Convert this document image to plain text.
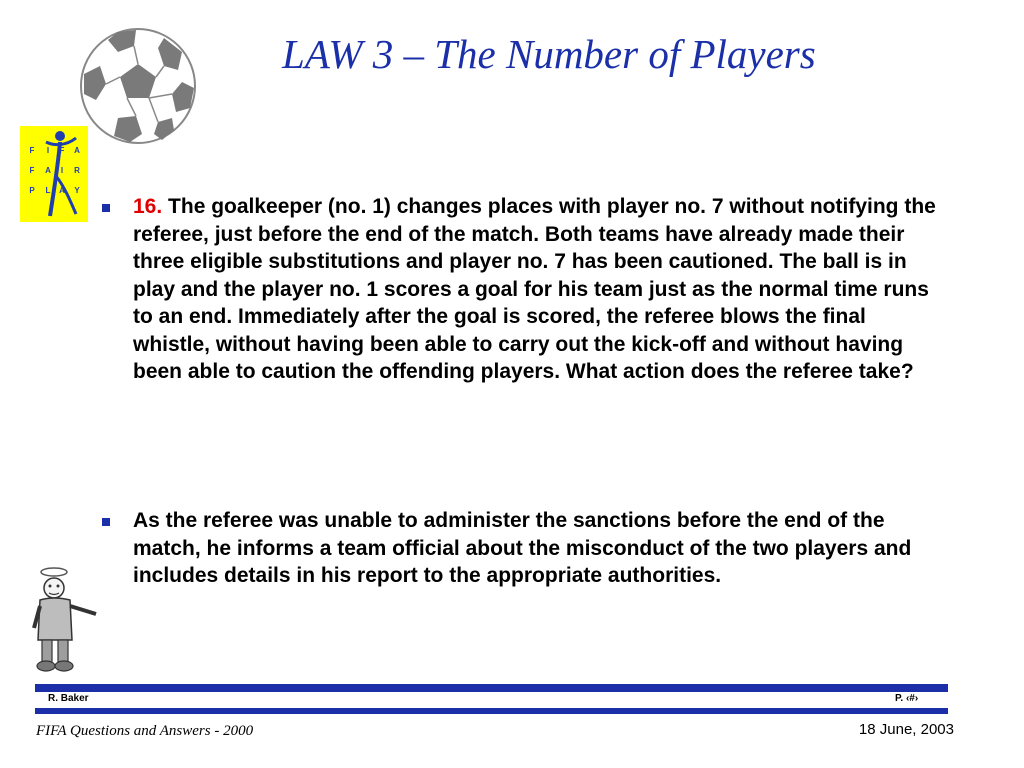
LAW 3 – The Number of Players
F	I	F	A
F	A	I	R
P	L	A Y
16. The goalkeeper (no. 1) changes places with player no. 7 without notifying the referee, just before the end of the match. Both teams have already made their three eligible substitutions and player no. 7 has been cautioned. The ball is in play and the player no. 1 scores a goal for his team just as the normal time runs to an end. Immediately after the goal is scored, the referee blows the final whistle, without having been able to carry out the kick-off and without having been able to caution the offending players. What action does the referee take?
As the referee was unable to administer the sanctions before the end of the match, he informs a team official about the misconduct of the two players and includes details in his report to the appropriate authorities.
R. Baker	P. ‹#›
FIFA Questions and Answers - 2000	18 June, 2003
